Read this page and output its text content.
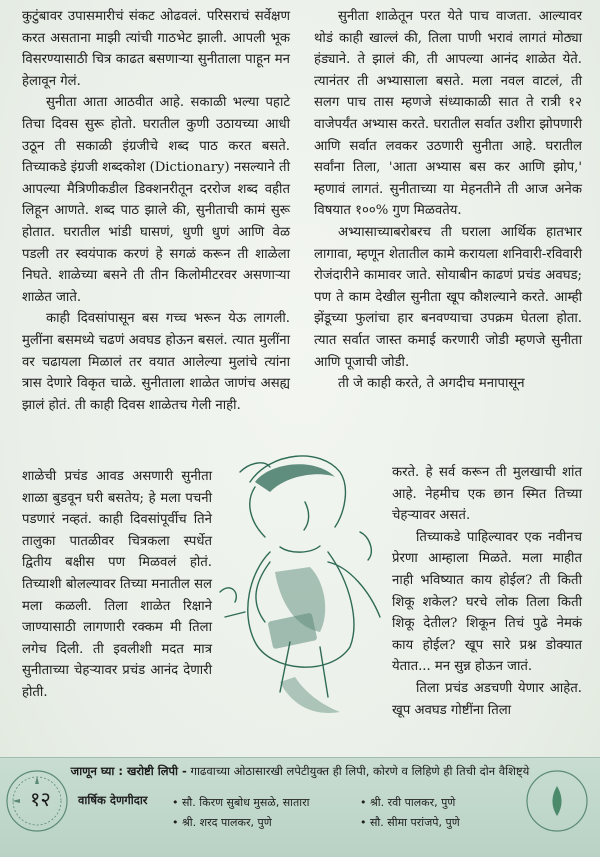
कुटुंबावर उपासमारीचं संकट ओढवलं. परिसराचं सर्वेक्षण करत असताना माझी त्यांची गाठभेट झाली. आपली भूक विसरण्यासाठी चित्र काढत बसणाऱ्या सुनीताला पाहून मन हेलावून गेलं.

सुनीता आता आठवीत आहे. सकाळी भल्या पहाटे तिचा दिवस सुरू होतो. घरातील कुणी उठायच्या आधी उठून ती सकाळी इंग्रजीचे शब्द पाठ करत बसते. तिच्याकडे इंग्रजी शब्दकोश (Dictionary) नसल्याने ती आपल्या मैत्रिणीकडील डिक्शनरीतून दररोज शब्द वहीत लिहून आणते. शब्द पाठ झाले की, सुनीताची कामं सुरू होतात. घरातील भांडी घासणं, धुणी धुणं आणि वेळ पडली तर स्वयंपाक करणं हे सगळं करून ती शाळेला निघते. शाळेच्या बसने ती तीन किलोमीटरवर असणाऱ्या शाळेत जाते.

काही दिवसांपासून बस गच्च भरून येऊ लागली. मुलींना बसमध्ये चढणं अवघड होऊन बसलं. त्यात मुलींना वर चढायला मिळालं तर वयात आलेल्या मुलांचे त्यांना त्रास देणारे विकृत चाळे. सुनीताला शाळेत जाणंच असह्य झालं होतं. ती काही दिवस शाळेतच गेली नाही.

शाळेची प्रचंड आवड असणारी सुनीता शाळा बुडवून घरी बसतेय; हे मला पचनी पडणारं नव्हतं. काही दिवसांपूर्वीच तिने तालुका पातळीवर चित्रकला स्पर्धेत द्वितीय बक्षीस पण मिळवलं होतं. तिच्याशी बोलल्यावर तिच्या मनातील सल मला कळली. तिला शाळेत रिक्षाने जाण्यासाठी लागणारी रक्कम मी तिला लगेच दिली. ती इवलीशी मदत मात्र सुनीताच्या चेहऱ्यावर प्रचंड आनंद देणारी होती.

सुनीता शाळेतून परत येते पाच वाजता. आल्यावर थोडं काही खाल्लं की, तिला पाणी भरावं लागतं मोठ्या हंड्याने. ते झालं की, ती आपल्या आनंद शाळेत येते. त्यानंतर ती अभ्यासाला बसते. मला नवल वाटलं, ती सलग पाच तास म्हणजे संध्याकाळी सात ते रात्री १२ वाजेपर्यंत अभ्यास करते. घरातील सर्वात उशीरा झोपणारी आणि सर्वात लवकर उठणारी सुनीता आहे. घरातील सर्वांना तिला, 'आता अभ्यास बस कर आणि झोप,' म्हणावं लागतं. सुनीताच्या या मेहनतीने ती आज अनेक विषयात १००% गुण मिळवतेय.

अभ्यासाच्याबरोबरच ती घराला आर्थिक हातभार लागावा, म्हणून शेतातील कामे करायला शनिवारी-रविवारी रोजंदारीने कामावर जाते. सोयाबीन काढणं प्रचंड अवघड; पण ते काम देखील सुनीता खूप कौशल्याने करते. आम्ही झेंडूच्या फुलांचा हार बनवण्याचा उपक्रम घेतला होता. त्यात सर्वात जास्त कमाई करणारी जोडी म्हणजे सुनीता आणि पूजाची जोडी.

ती जे काही करते, ते अगदीच मनापासून

करते. हे सर्व करून ती मुलखाची शांत आहे. नेहमीच एक छान स्मित तिच्या चेहऱ्यावर असतं.

तिच्याकडे पाहिल्यावर एक नवीनच प्रेरणा आम्हाला मिळते. मला माहीत नाही भविष्यात काय होईल? ती किती शिकू शकेल? घरचे लोक तिला किती शिकू देतील? शिकून तिचं पुढे नेमकं काय होईल? खूप सारे प्रश्न डोक्यात येतात... मन सुन्न होऊन जातं.

तिला प्रचंड अडचणी येणार आहेत. खूप अवघड गोष्टींना तिला

१२
जाणून घ्या : खरोष्टी लिपी - गाढवाच्या ओठासारखी लपेटीयुक्त ही लिपी, कोरणे व लिहिणे ही तिची दोन वैशिष्ट्ये
वार्षिक देणगीदार • सौ. किरण सुबोध मुसळे, सातारा
• श्री. शरद पालकर, पुणे
• श्री. रवी पालकर, पुणे
• सौ. सीमा परांजपे, पुणे
